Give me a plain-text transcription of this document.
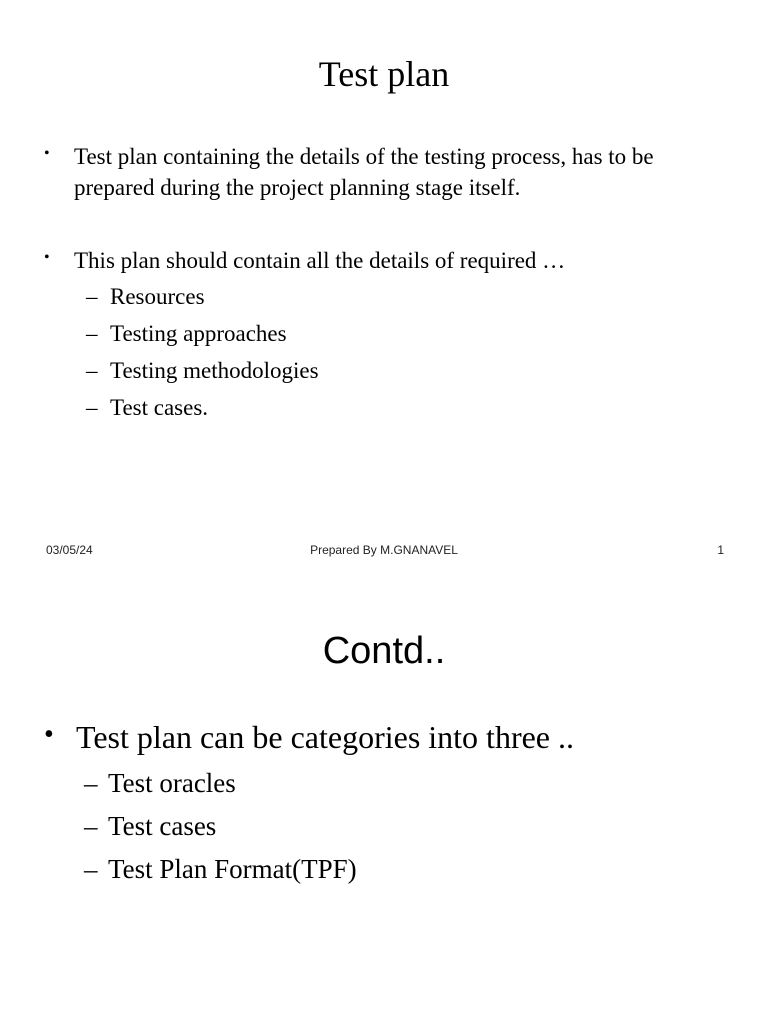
Test plan
• Test plan containing the details of the testing process, has to be prepared during the project planning stage itself.
• This plan should contain all the details of required …
– Resources
– Testing approaches
– Testing methodologies
– Test cases.
03/05/24	Prepared By M.GNANAVEL	1
Contd..
• Test plan can be categories into three ..
– Test oracles
– Test cases
– Test Plan Format(TPF)
